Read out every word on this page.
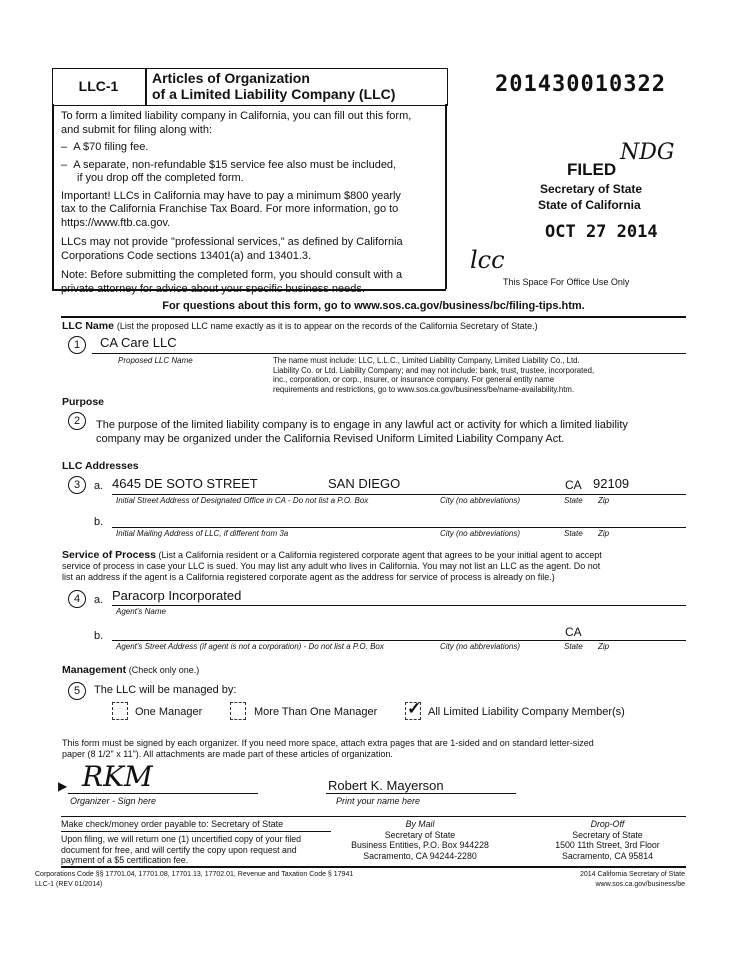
LLC-1	Articles of Organization
of a Limited Liability Company (LLC)
To form a limited liability company in California, you can fill out this form,
and submit for filing along with:
–  A $70 filing fee.
–  A separate, non-refundable $15 service fee also must be included,
if you drop off the completed form.
Important! LLCs in California may have to pay a minimum $800 yearly
tax to the California Franchise Tax Board. For more information, go to
https://www.ftb.ca.gov.
LLCs may not provide "professional services," as defined by California
Corporations Code sections 13401(a) and 13401.3.
Note: Before submitting the completed form, you should consult with a
private attorney for advice about your specific business needs.
201430010322
FILED
NDG
Secretary of State
State of California
OCT 27 2014
lcc
This Space For Office Use Only
For questions about this form, go to www.sos.ca.gov/business/bc/filing-tips.htm.
LLC Name (List the proposed LLC name exactly as it is to appear on the records of the California Secretary of State.)
1	CA Care LLC
Proposed LLC Name	The name must include: LLC, L.L.C., Limited Liability Company, Limited Liability Co., Ltd.
Liability Co. or Ltd. Liability Company; and may not include: bank, trust, trustee, incorporated,
inc., corporation, or corp., insurer, or insurance company. For general entity name
requirements and restrictions, go to www.sos.ca.gov/business/be/name-availability.htm.
Purpose
2	The purpose of the limited liability company is to engage in any lawful act or activity for which a limited liability
company may be organized under the California Revised Uniform Limited Liability Company Act.
LLC Addresses
3	a. 4645 DE SOTO STREET	SAN DIEGO	CA 92109
Initial Street Address of Designated Office in CA - Do not list a P.O. Box	City (no abbreviations)	State Zip
b.
Initial Mailing Address of LLC, if different from 3a	City (no abbreviations)	State Zip
Service of Process (List a California resident or a California registered corporate agent that agrees to be your initial agent to accept
service of process in case your LLC is sued. You may list any adult who lives in California. You may not list an LLC as the agent. Do not
list an address if the agent is a California registered corporate agent as the address for service of process is already on file.)
4	a. Paracorp Incorporated
Agent's Name
b.	CA
Agent's Street Address (if agent is not a corporation) - Do not list a P.O. Box	City (no abbreviations)	State Zip
Management (Check only one.)
5	The LLC will be managed by:
One Manager	More Than One Manager ✓ All Limited Liability Company Member(s)
This form must be signed by each organizer. If you need more space, attach extra pages that are 1-sided and on standard letter-sized
paper (8 1/2" x 11"). All attachments are made part of these articles of organization.
▶ RKM
Organizer - Sign here
Robert K. Mayerson
Print your name here
Make check/money order payable to: Secretary of State
Upon filing, we will return one (1) uncertified copy of your filed
document for free, and will certify the copy upon request and
payment of a $5 certification fee.
By Mail
Secretary of State
Business Entities, P.O. Box 944228
Sacramento, CA 94244-2280
Drop-Off
Secretary of State
1500 11th Street, 3rd Floor
Sacramento, CA 95814
Corporations Code §§ 17701.04, 17701.08, 17701.13, 17702.01, Revenue and Taxation Code § 17941
LLC-1 (REV 01/2014)
2014 California Secretary of State
www.sos.ca.gov/business/be
